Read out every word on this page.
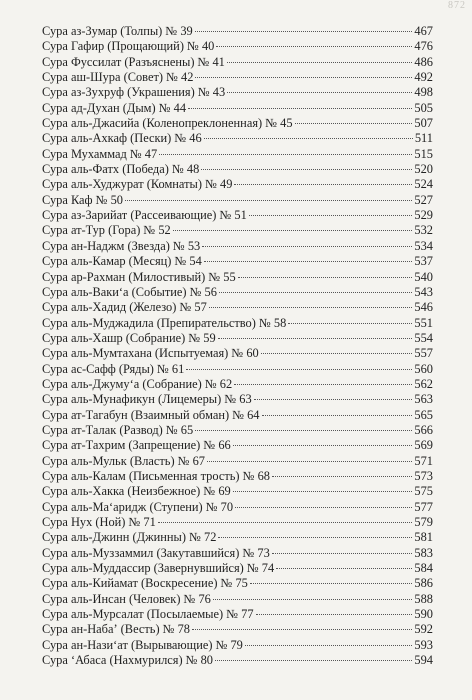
872
Сура аз-Зумар (Толпы) № 39	467
Сура Гафир (Прощающий) № 40	476
Сура Фуссилат (Разъяснены) № 41	486
Сура аш-Шура (Совет) № 42	492
Сура аз-Зухруф (Украшения) № 43	498
Сура ад-Духан (Дым) № 44	505
Сура аль-Джасийа (Коленопреклоненная) № 45	507
Сура аль-Ахкаф (Пески) № 46	511
Сура Мухаммад № 47	515
Сура аль-Фатх (Победа) № 48	520
Сура аль-Худжурат (Комнаты) № 49	524
Сура Каф № 50	527
Сура аз-Зарийат (Рассеивающие) № 51	529
Сура ат-Тур (Гора) № 52	532
Сура ан-Наджм (Звезда) № 53	534
Сура аль-Камар (Месяц) № 54	537
Сура ар-Рахман (Милостивый) № 55	540
Сура аль-Вакиʻа (Событие) № 56	543
Сура аль-Хадид (Железо) № 57	546
Сура аль-Муджадила (Препирательство) № 58	551
Сура аль-Хашр (Собрание) № 59	554
Сура аль-Мумтахана (Испытуемая) № 60	557
Сура ас-Сафф (Ряды) № 61	560
Сура аль-Джумуʻа (Собрание) № 62	562
Сура аль-Мунафикун (Лицемеры) № 63	563
Сура ат-Тагабун (Взаимный обман) № 64	565
Сура ат-Талак (Развод) № 65	566
Сура ат-Тахрим (Запрещение) № 66	569
Сура аль-Мульк (Власть) № 67	571
Сура аль-Калам (Письменная трость) № 68	573
Сура аль-Хакка (Неизбежное) № 69	575
Сура аль-Маʻаридж (Ступени) № 70	577
Сура Нух (Ной) № 71	579
Сура аль-Джинн (Джинны) № 72	581
Сура аль-Муззаммил (Закутавшийся) № 73	583
Сура аль-Муддассир (Завернувшийся) № 74	584
Сура аль-Кийамат (Воскресение) № 75	586
Сура аль-Инсан (Человек) № 76	588
Сура аль-Мурсалат (Посылаемые) № 77	590
Сура ан-Набаʼ (Весть) № 78	592
Сура ан-Назиʻат (Вырывающие) № 79	593
Сура ʻАбаса (Нахмурился) № 80	594
